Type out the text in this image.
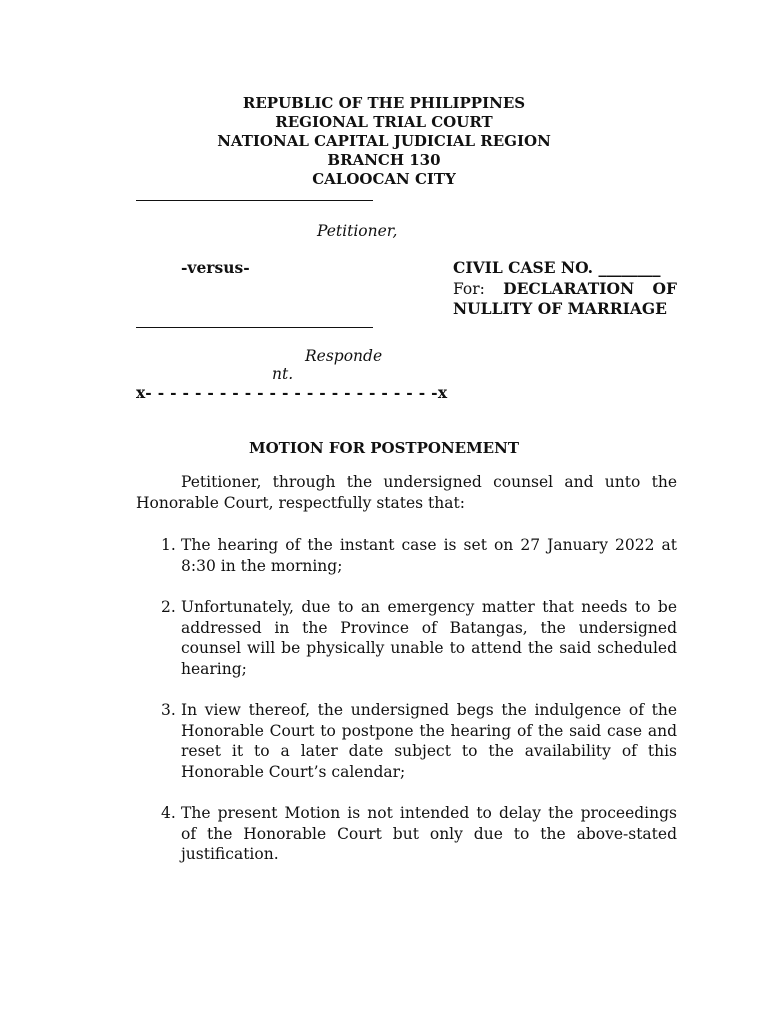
REPUBLIC OF THE PHILIPPINES
REGIONAL TRIAL COURT
NATIONAL CAPITAL JUDICIAL REGION
BRANCH 130
CALOOCAN CITY
Petitioner,
-versus-	CIVIL CASE NO. ________
For: DECLARATION OF
NULLITY OF MARRIAGE
Responde
nt.
x- - - - - - - - - - - - - - - - - - - - - - - -x
MOTION FOR POSTPONEMENT
Petitioner, through the undersigned counsel and unto the Honorable Court, respectfully states that:
1. The hearing of the instant case is set on 27 January 2022 at 8:30 in the morning;
2. Unfortunately, due to an emergency matter that needs to be addressed in the Province of Batangas, the undersigned counsel will be physically unable to attend the said scheduled hearing;
3. In view thereof, the undersigned begs the indulgence of the Honorable Court to postpone the hearing of the said case and reset it to a later date subject to the availability of this Honorable Court’s calendar;
4. The present Motion is not intended to delay the proceedings of the Honorable Court but only due to the above-stated justification.
